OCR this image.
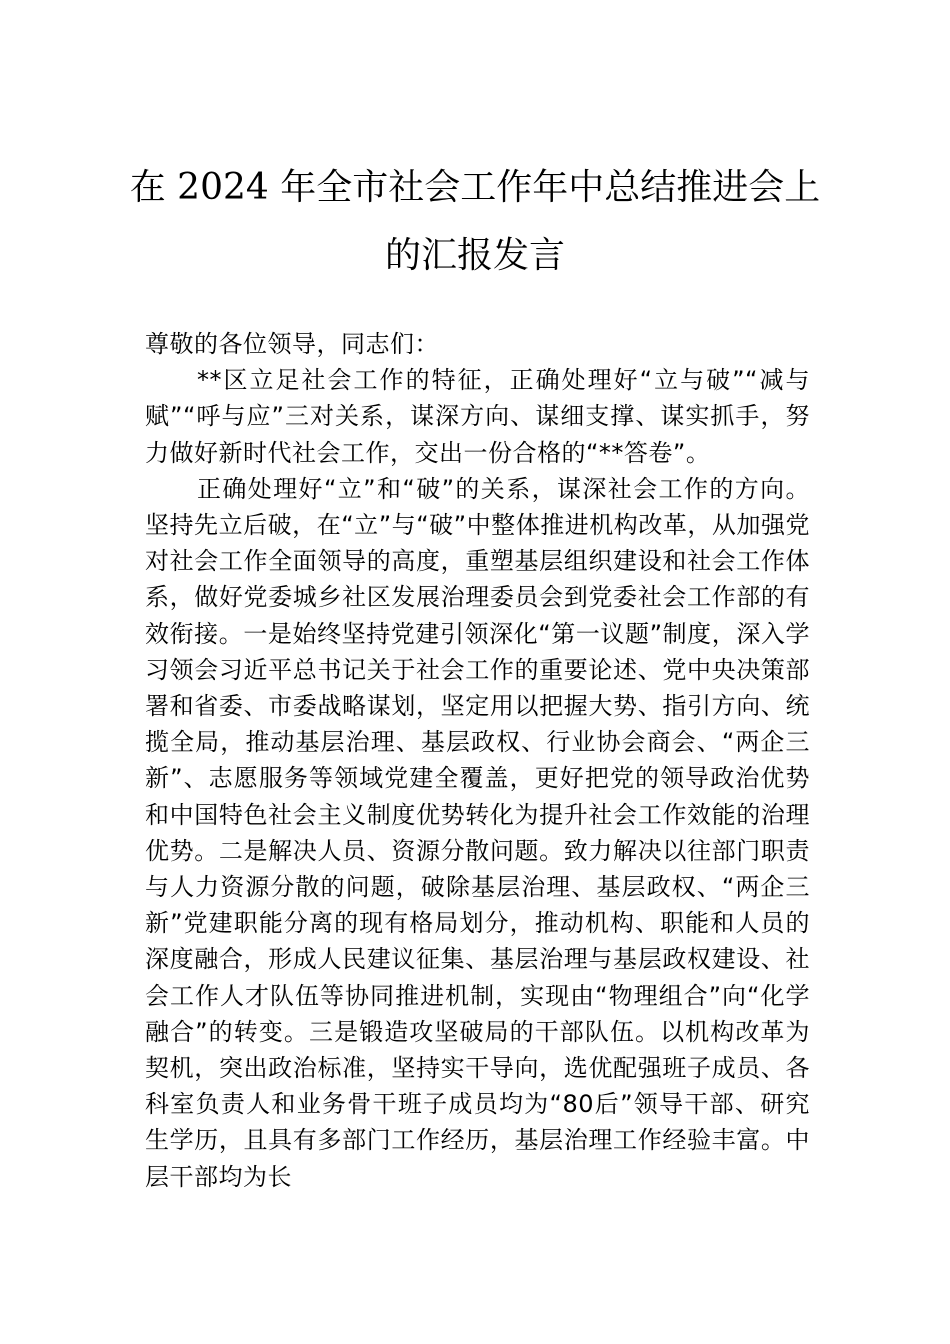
在 2024 年全市社会工作年中总结推进会上
的汇报发言

尊敬的各位领导，同志们：

**区立足社会工作的特征，正确处理好“立与破”“减与赋”“呼与应”三对关系，谋深方向、谋细支撑、谋实抓手，努力做好新时代社会工作，交出一份合格的“**答卷”。

正确处理好“立”和“破”的关系，谋深社会工作的方向。坚持先立后破，在“立”与“破”中整体推进机构改革，从加强党对社会工作全面领导的高度，重塑基层组织建设和社会工作体系，做好党委城乡社区发展治理委员会到党委社会工作部的有效衔接。一是始终坚持党建引领深化“第一议题”制度，深入学习领会习近平总书记关于社会工作的重要论述、党中央决策部署和省委、市委战略谋划，坚定用以把握大势、指引方向、统揽全局，推动基层治理、基层政权、行业协会商会、“两企三新”、志愿服务等领域党建全覆盖，更好把党的领导政治优势和中国特色社会主义制度优势转化为提升社会工作效能的治理优势。二是解决人员、资源分散问题。致力解决以往部门职责与人力资源分散的问题，破除基层治理、基层政权、“两企三新”党建职能分离的现有格局划分，推动机构、职能和人员的深度融合，形成人民建议征集、基层治理与基层政权建设、社会工作人才队伍等协同推进机制，实现由“物理组合”向“化学融合”的转变。三是锻造攻坚破局的干部队伍。以机构改革为契机，突出政治标准，坚持实干导向，选优配强班子成员、各科室负责人和业务骨干班子成员均为“80后”领导干部、研究生学历，且具有多部门工作经历，基层治理工作经验丰富。中层干部均为长
